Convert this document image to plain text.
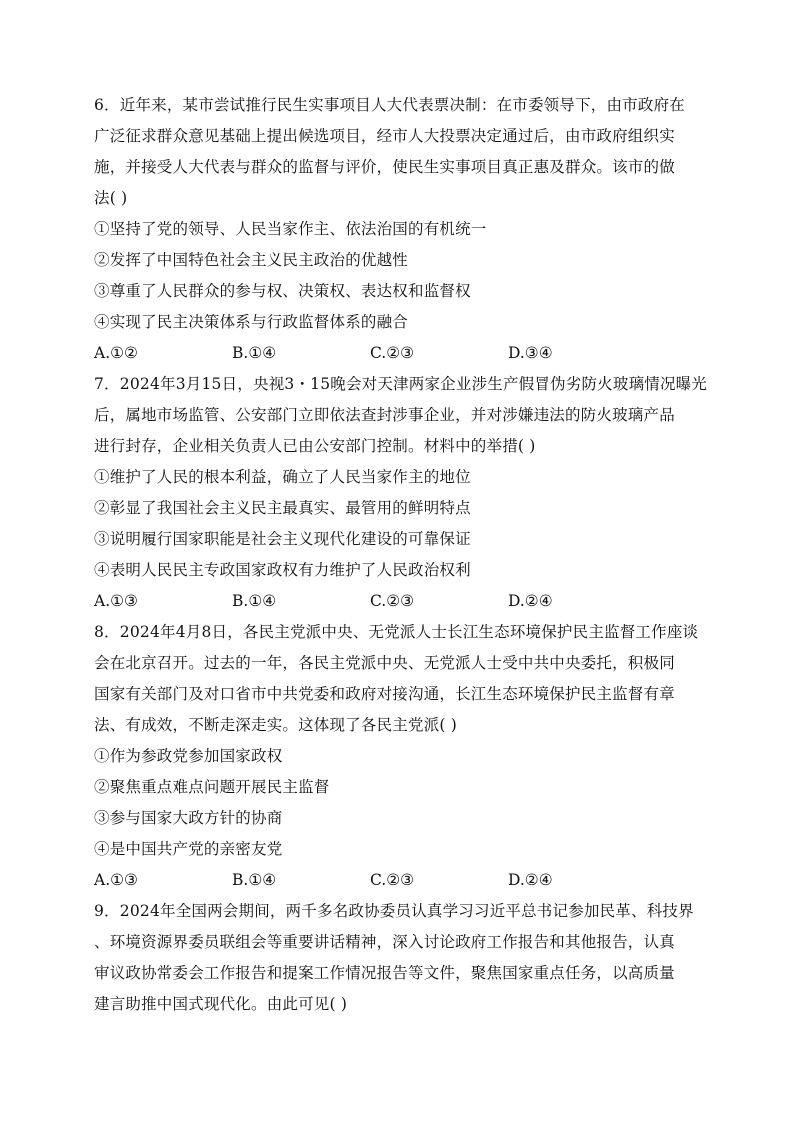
6．近年来，某市尝试推行民生实事项目人大代表票决制：在市委领导下，由市政府在
广泛征求群众意见基础上提出候选项目，经市人大投票决定通过后，由市政府组织实
施，并接受人大代表与群众的监督与评价，使民生实事项目真正惠及群众。该市的做
法( )
①坚持了党的领导、人民当家作主、依法治国的有机统一
②发挥了中国特色社会主义民主政治的优越性
③尊重了人民群众的参与权、决策权、表达权和监督权
④实现了民主决策体系与行政监督体系的融合
A.①②	B.①④	C.②③	D.③④
7．2024年3月15日，央视3・15晚会对天津两家企业涉生产假冒伪劣防火玻璃情况曝光
后，属地市场监管、公安部门立即依法查封涉事企业，并对涉嫌违法的防火玻璃产品
进行封存，企业相关负责人已由公安部门控制。材料中的举措( )
①维护了人民的根本利益，确立了人民当家作主的地位
②彰显了我国社会主义民主最真实、最管用的鲜明特点
③说明履行国家职能是社会主义现代化建设的可靠保证
④表明人民民主专政国家政权有力维护了人民政治权利
A.①③	B.①④	C.②③	D.②④
8．2024年4月8日，各民主党派中央、无党派人士长江生态环境保护民主监督工作座谈
会在北京召开。过去的一年，各民主党派中央、无党派人士受中共中央委托，积极同
国家有关部门及对口省市中共党委和政府对接沟通，长江生态环境保护民主监督有章
法、有成效，不断走深走实。这体现了各民主党派( )
①作为参政党参加国家政权
②聚焦重点难点问题开展民主监督
③参与国家大政方针的协商
④是中国共产党的亲密友党
A.①③	B.①④	C.②③	D.②④
9．2024年全国两会期间，两千多名政协委员认真学习习近平总书记参加民革、科技界
、环境资源界委员联组会等重要讲话精神，深入讨论政府工作报告和其他报告，认真
审议政协常委会工作报告和提案工作情况报告等文件，聚焦国家重点任务，以高质量
建言助推中国式现代化。由此可见( )
